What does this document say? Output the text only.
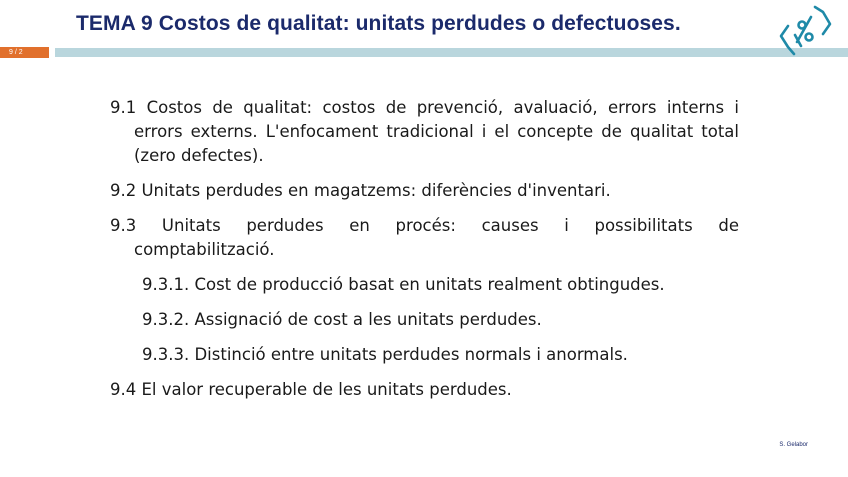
TEMA 9 Costos de qualitat: unitats perdudes o defectuoses.
9 / 2

9.1 Costos de qualitat: costos de prevenció, avaluació, errors interns i errors externs. L'enfocament tradicional i el concepte de qualitat total (zero defectes).

9.2 Unitats perdudes en magatzems: diferències d'inventari.

9.3 Unitats perdudes en procés: causes i possibilitats de

comptabilització.

9.3.1. Cost de producció basat en unitats realment obtingudes.

9.3.2. Assignació de cost a les unitats perdudes.

9.3.3. Distinció entre unitats perdudes normals i anormals.

9.4 El valor recuperable de les unitats perdudes.

S. Gelabor
